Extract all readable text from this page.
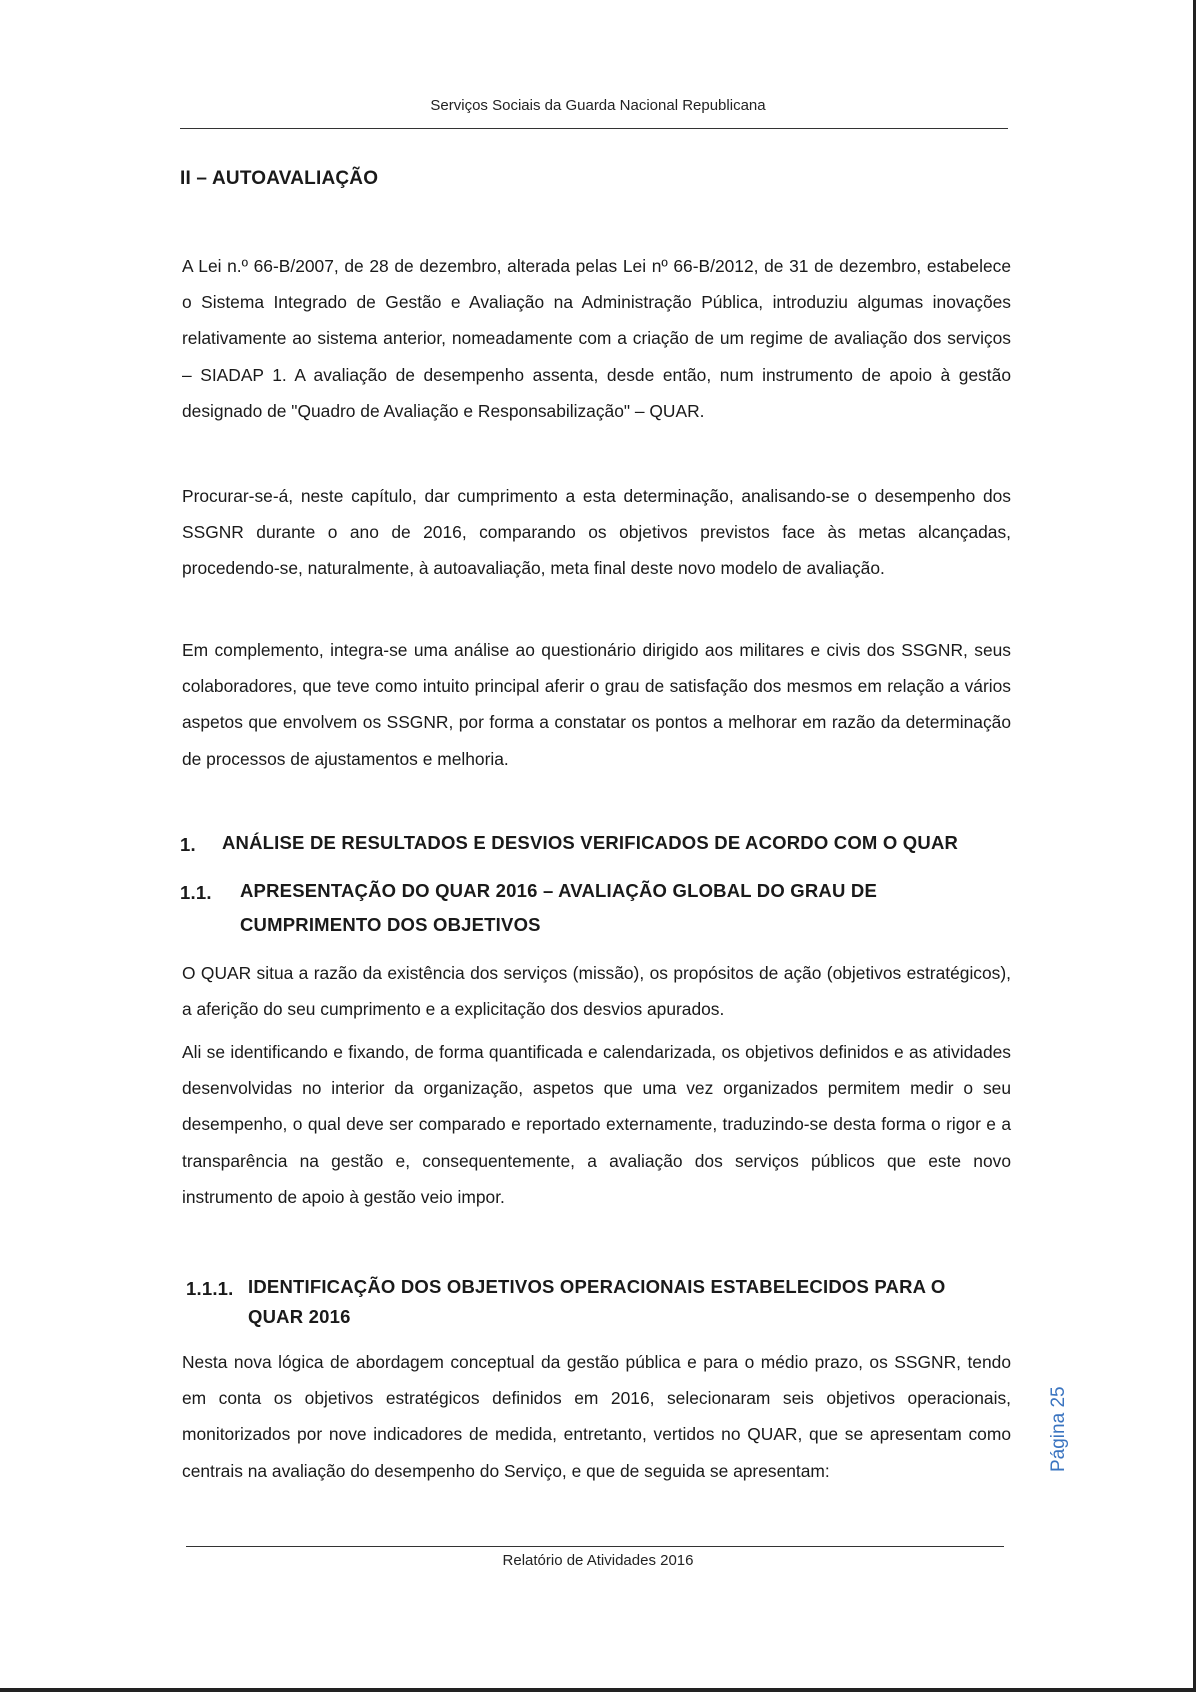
Serviços Sociais da Guarda Nacional Republicana
II – AUTOAVALIAÇÃO

A Lei n.º 66-B/2007, de 28 de dezembro, alterada pelas Lei nº 66-B/2012, de 31 de dezembro, estabelece o Sistema Integrado de Gestão e Avaliação na Administração Pública, introduziu algumas inovações relativamente ao sistema anterior, nomeadamente com a criação de um regime de avaliação dos serviços – SIADAP 1. A avaliação de desempenho assenta, desde então, num instrumento de apoio à gestão designado de "Quadro de Avaliação e Responsabilização" – QUAR.

Procurar-se-á, neste capítulo, dar cumprimento a esta determinação, analisando-se o desempenho dos SSGNR durante o ano de 2016, comparando os objetivos previstos face às metas alcançadas, procedendo-se, naturalmente, à autoavaliação, meta final deste novo modelo de avaliação.

Em complemento, integra-se uma análise ao questionário dirigido aos militares e civis dos SSGNR, seus colaboradores, que teve como intuito principal aferir o grau de satisfação dos mesmos em relação a vários aspetos que envolvem os SSGNR, por forma a constatar os pontos a melhorar em razão da determinação de processos de ajustamentos e melhoria.

1. ANÁLISE DE RESULTADOS E DESVIOS VERIFICADOS DE ACORDO COM O QUAR
1.1. APRESENTAÇÃO DO QUAR 2016 – AVALIAÇÃO GLOBAL DO GRAU DE
CUMPRIMENTO DOS OBJETIVOS

O QUAR situa a razão da existência dos serviços (missão), os propósitos de ação (objetivos estratégicos), a aferição do seu cumprimento e a explicitação dos desvios apurados.

Ali se identificando e fixando, de forma quantificada e calendarizada, os objetivos definidos e as atividades desenvolvidas no interior da organização, aspetos que uma vez organizados permitem medir o seu desempenho, o qual deve ser comparado e reportado externamente, traduzindo-se desta forma o rigor e a transparência na gestão e, consequentemente, a avaliação dos serviços públicos que este novo instrumento de apoio à gestão veio impor.

1.1.1. IDENTIFICAÇÃO DOS OBJETIVOS OPERACIONAIS ESTABELECIDOS PARA O
QUAR 2016

Nesta nova lógica de abordagem conceptual da gestão pública e para o médio prazo, os SSGNR, tendo em conta os objetivos estratégicos definidos em 2016, selecionaram seis objetivos operacionais, monitorizados por nove indicadores de medida, entretanto, vertidos no QUAR, que se apresentam como centrais na avaliação do desempenho do Serviço, e que de seguida se apresentam:	Página 25
Relatório de Atividades 2016
